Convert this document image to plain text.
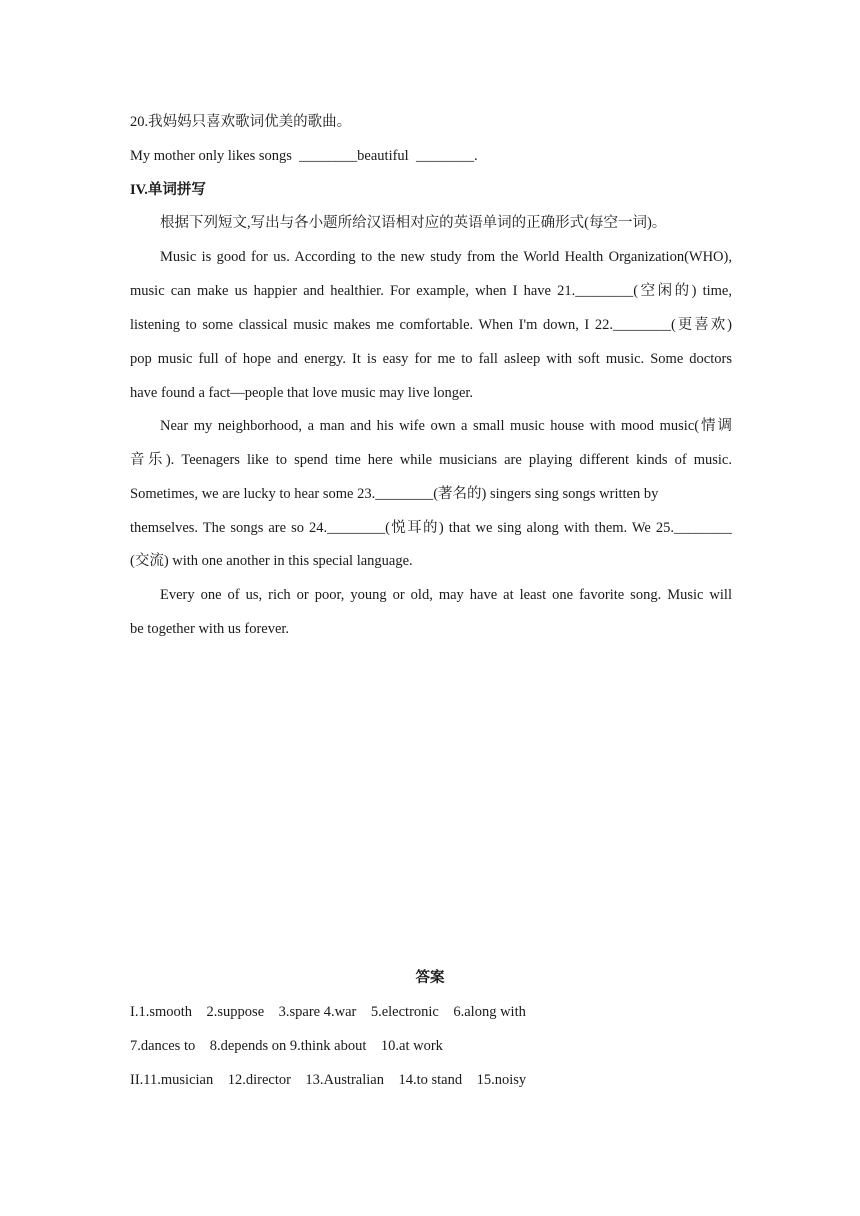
20.我妈妈只喜欢歌词优美的歌曲。
My mother only likes songs  ________beautiful  ________.
IV.单词拼写
根据下列短文,写出与各小题所给汉语相对应的英语单词的正确形式(每空一词)。
Music is good for us. According to the new study from the World Health Organization(WHO),
music can make us happier and healthier. For example, when I have 21.________(空闲的) time,
listening to some classical music makes me comfortable. When I'm down, I 22.________(更喜欢)
pop music full of hope and energy. It is easy for me to fall asleep with soft music. Some doctors
have found a fact—people that love music may live longer.
Near my neighborhood, a man and his wife own a small music house with mood music(情调
音乐). Teenagers like to spend time here while musicians are playing different kinds of music.
Sometimes, we are lucky to hear some 23.________(著名的) singers sing songs written by
themselves. The songs are so 24.________(悦耳的) that we sing along with them. We 25.________
(交流) with one another in this special language.
Every one of us, rich or poor, young or old, may have at least one favorite song. Music will
be together with us forever.
答案
I.1.smooth    2.suppose    3.spare 4.war    5.electronic    6.along with
7.dances to    8.depends on 9.think about    10.at work
II.11.musician    12.director    13.Australian    14.to stand    15.noisy
